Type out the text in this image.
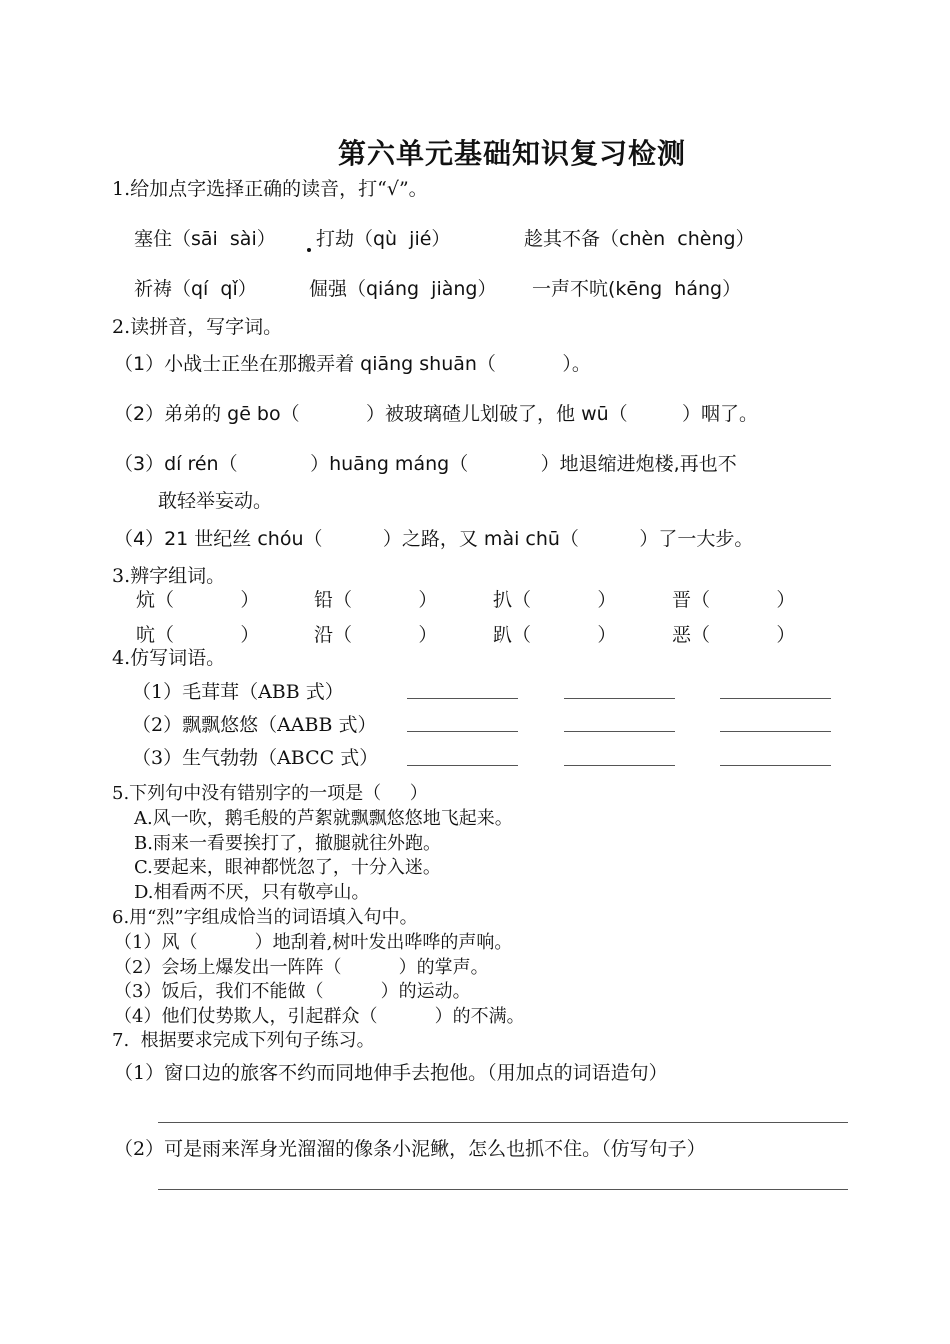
第六单元基础知识复习检测
1.给加点字选择正确的读音，打“√”。
塞住（sāi  sài） 打劫（qù  jié）	趁其不备（chèn  chèng）
祈祷（qí  qǐ）	倔强（qiáng  jiàng） 一声不吭(kēng  háng）
2.读拼音，写字词。
（1）小战士正坐在那搬弄着 qiāng shuān（           ）。
（2）弟弟的 gē bo（           ）被玻璃碴儿划破了，他 wū（         ）咽了。
（3）dí rén（            ）huāng máng（            ）地退缩进炮楼,再也不
敢轻举妄动。
（4）21 世纪丝 chóu（          ）之路，又 mài chū（          ）了一大步。
3.辨字组词。
炕（           ）	铅（           ）	扒（           ）	晋（           ）
吭（           ）	沿（           ）	趴（           ）	恶（           ）
4.仿写词语。
（1）毛茸茸（ABB 式）
（2）飘飘悠悠（AABB 式）
（3）生气勃勃（ABCC 式）
5.下列句中没有错别字的一项是（     ）
A.风一吹，鹅毛般的芦絮就飘飘悠悠地飞起来。
B.雨来一看要挨打了，撤腿就往外跑。
C.要起来，眼神都恍忽了，十分入迷。
D.相看两不厌，只有敬亭山。
6.用“烈”字组成恰当的词语填入句中。
（1）风（          ）地刮着,树叶发出哗哗的声响。
（2）会场上爆发出一阵阵（          ）的掌声。
（3）饭后，我们不能做（          ）的运动。
（4）他们仗势欺人，引起群众（          ）的不满。
7.  根据要求完成下列句子练习。
（1）窗口边的旅客不约而同地伸手去抱他。（用加点的词语造句）
（2）可是雨来浑身光溜溜的像条小泥鳅，怎么也抓不住。（仿写句子）
